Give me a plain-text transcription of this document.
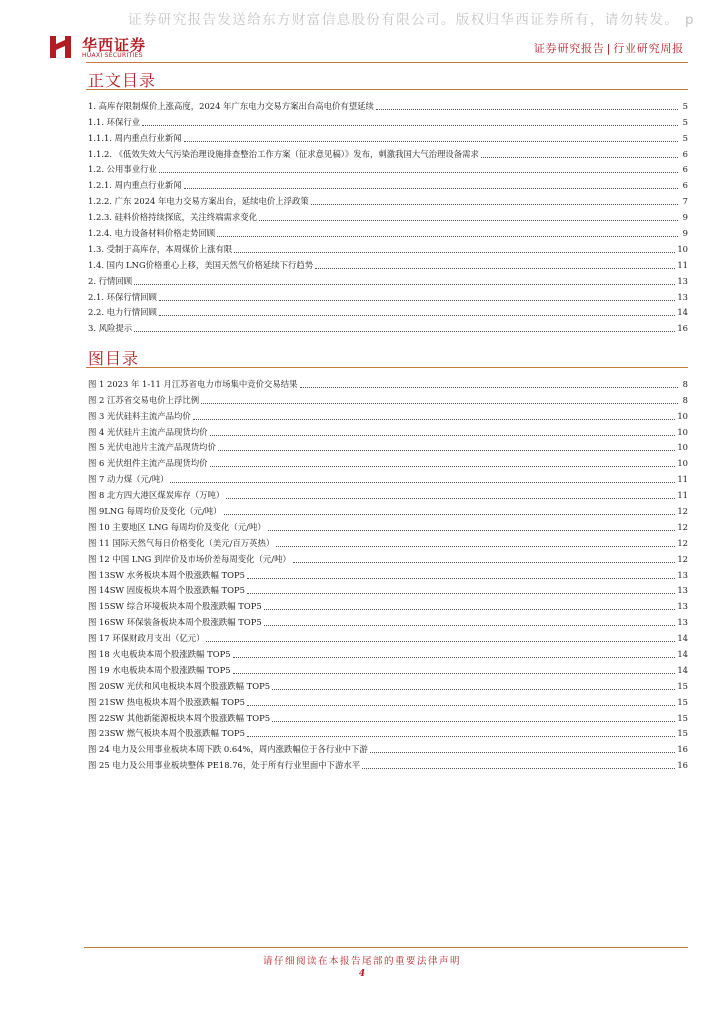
证券研究报告发送给东方财富信息股份有限公司。版权归华西证券所有，请勿转发。 p
华西证券
HUAXI SECURITIES
证券研究报告 | 行业研究周报
正文目录
1. 高库存限制煤价上涨高度，2024 年广东电力交易方案出台高电价有望延续	5
1.1. 环保行业	5
1.1.1. 周内重点行业新闻	5
1.1.2. 《低效失效大气污染治理设施排查整治工作方案（征求意见稿）》发布，刺激我国大气治理设备需求	6
1.2. 公用事业行业	6
1.2.1. 周内重点行业新闻	6
1.2.2. 广东 2024 年电力交易方案出台，延续电价上浮政策	7
1.2.3. 硅料价格持续探底，关注终端需求变化	9
1.2.4. 电力设备材料价格走势回顾	9
1.3. 受制于高库存，本周煤价上涨有限	10
1.4. 国内 LNG价格重心上移，美国天然气价格延续下行趋势	11
2. 行情回顾	13
2.1. 环保行情回顾	13
2.2. 电力行情回顾	14
3. 风险提示	16
图目录
图 1 2023 年 1-11 月江苏省电力市场集中竞价交易结果	8
图 2 江苏省交易电价上浮比例	8
图 3 光伏硅料主流产品均价	10
图 4 光伏硅片主流产品现货均价	10
图 5 光伏电池片主流产品现货均价	10
图 6 光伏组件主流产品现货均价	10
图 7 动力煤（元/吨）	11
图 8 北方四大港区煤炭库存（万吨）	11
图 9LNG 每周均价及变化（元/吨）	12
图 10 主要地区 LNG 每周均价及变化（元/吨）	12
图 11 国际天然气每日价格变化（美元/百万英热）	12
图 12 中国 LNG 到岸价及市场价差每周变化（元/吨）	12
图 13SW 水务板块本周个股涨跌幅 TOP5	13
图 14SW 固废板块本周个股涨跌幅 TOP5	13
图 15SW 综合环境板块本周个股涨跌幅 TOP5	13
图 16SW 环保装备板块本周个股涨跌幅 TOP5	13
图 17 环保财政月支出（亿元）	14
图 18 火电板块本周个股涨跌幅 TOP5	14
图 19 水电板块本周个股涨跌幅 TOP5	14
图 20SW 光伏和风电板块本周个股涨跌幅 TOP5	15
图 21SW 热电板块本周个股涨跌幅 TOP5	15
图 22SW 其他新能源板块本周个股涨跌幅 TOP5	15
图 23SW 燃气板块本周个股涨跌幅 TOP5	15
图 24 电力及公用事业板块本周下跌 0.64%，周内涨跌幅位于各行业中下游	16
图 25 电力及公用事业板块整体 PE18.76，处于所有行业里面中下游水平	16
请仔细阅读在本报告尾部的重要法律声明
4
